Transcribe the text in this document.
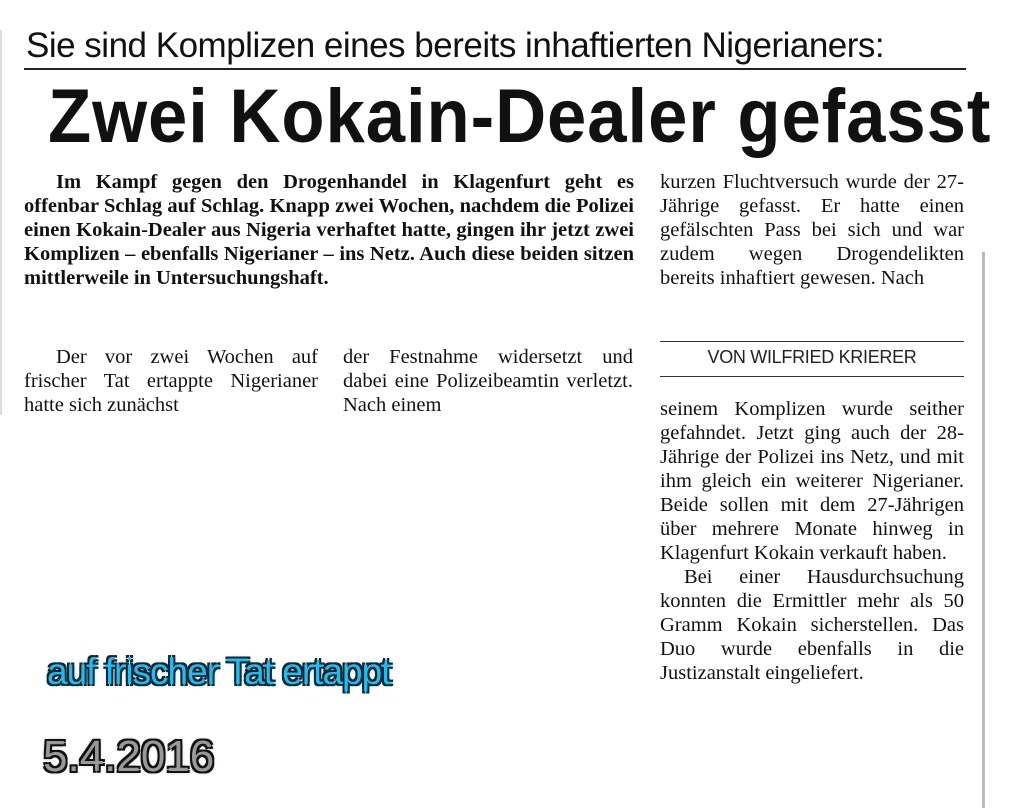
Sie sind Komplizen eines bereits inhaftierten Nigerianers:
Zwei Kokain-Dealer gefasst

Im Kampf gegen den Drogenhandel in Klagenfurt geht es offenbar Schlag auf Schlag. Knapp zwei Wochen, nachdem die Polizei einen Kokain-Dealer aus Nigeria verhaftet hatte, gingen ihr jetzt zwei Komplizen – ebenfalls Nigerianer – ins Netz. Auch diese beiden sitzen mittlerweile in Untersuchungshaft.

Der vor zwei Wochen auf frischer Tat ertappte Nigerianer hatte sich zunächst

der Festnahme widersetzt und dabei eine Polizeibeamtin verletzt. Nach einem

kurzen Fluchtversuch wurde der 27-Jährige gefasst. Er hatte einen gefälschten Pass bei sich und war zudem wegen Drogendelikten bereits inhaftiert gewesen. Nach

VON WILFRIED KRIERER
seinem Komplizen wurde seither gefahndet. Jetzt ging auch der 28-Jährige der Polizei ins Netz, und mit ihm gleich ein weiterer Nigerianer. Beide sollen mit dem 27-Jährigen über mehrere Monate hinweg in Klagenfurt Kokain verkauft haben.
Bei einer Hausdurchsuchung konnten die Ermittler mehr als 50 Gramm Kokain sicherstellen. Das Duo wurde ebenfalls in die Justizanstalt eingeliefert.
auf frischer Tat ertappt
5.4.2016
